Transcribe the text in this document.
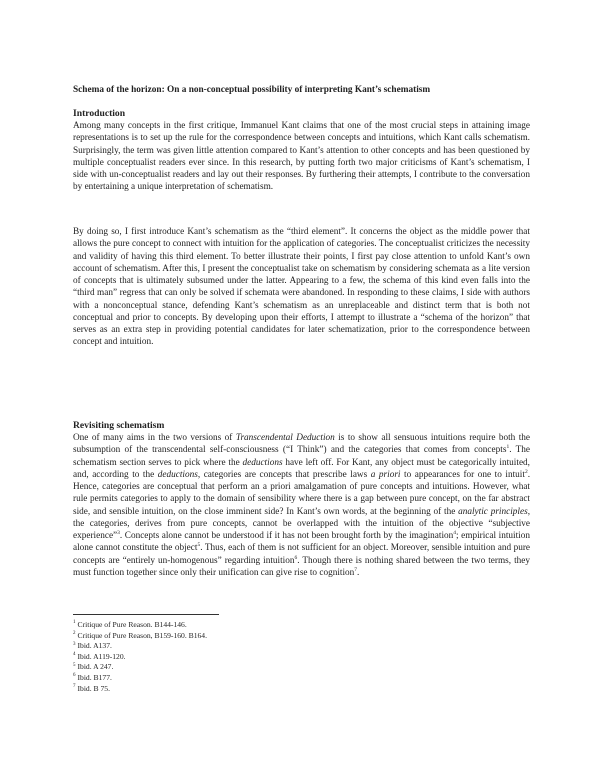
Schema of the horizon: On a non-conceptual possibility of interpreting Kant’s schematism
Introduction

Among many concepts in the first critique, Immanuel Kant claims that one of the most crucial steps in attaining image representations is to set up the rule for the correspondence between concepts and intuitions, which Kant calls schematism. Surprisingly, the term was given little attention compared to Kant’s attention to other concepts and has been questioned by multiple conceptualist readers ever since. In this research, by putting forth two major criticisms of Kant’s schematism, I side with un-conceptualist readers and lay out their responses. By furthering their attempts, I contribute to the conversation by entertaining a unique interpretation of schematism.

By doing so, I first introduce Kant’s schematism as the “third element”. It concerns the object as the middle power that allows the pure concept to connect with intuition for the application of categories. The conceptualist criticizes the necessity and validity of having this third element. To better illustrate their points, I first pay close attention to unfold Kant’s own account of schematism. After this, I present the conceptualist take on schematism by considering schemata as a lite version of concepts that is ultimately subsumed under the latter. Appearing to a few, the schema of this kind even falls into the “third man” regress that can only be solved if schemata were abandoned. In responding to these claims, I side with authors with a nonconceptual stance, defending Kant’s schematism as an unreplaceable and distinct term that is both not conceptual and prior to concepts. By developing upon their efforts, I attempt to illustrate a “schema of the horizon” that serves as an extra step in providing potential candidates for later schematization, prior to the correspondence between concept and intuition.

Revisiting schematism

One of many aims in the two versions of Transcendental Deduction is to show all sensuous intuitions require both the subsumption of the transcendental self-consciousness (“I Think”) and the categories that comes from concepts$^1$. The schematism section serves to pick where the deductions have left off. For Kant, any object must be categorically intuited, and, according to the deductions, categories are concepts that prescribe laws a priori to appearances for one to intuit$^2$. Hence, categories are conceptual that perform an a priori amalgamation of pure concepts and intuitions. However, what rule permits categories to apply to the domain of sensibility where there is a gap between pure concept, on the far abstract side, and sensible intuition, on the close imminent side? In Kant’s own words, at the beginning of the analytic principles, the categories, derives from pure concepts, cannot be overlapped with the intuition of the objective “subjective experience”$^3$. Concepts alone cannot be understood if it has not been brought forth by the imagination$^4$; empirical intuition alone cannot constitute the object$^5$. Thus, each of them is not sufficient for an object. Moreover, sensible intuition and pure concepts are “entirely un-homogenous” regarding intuition$^6$. Though there is nothing shared between the two terms, they must function together since only their unification can give rise to cognition$^7$.

$^1$ Critique of Pure Reason. B144-146.
$^2$ Critique of Pure Reason, B159-160. B164.
$^3$ Ibid. A137.
$^4$ Ibid. A119-120.
$^5$ Ibid. A 247.
$^6$ Ibid. B177.
$^7$ Ibid. B 75.
